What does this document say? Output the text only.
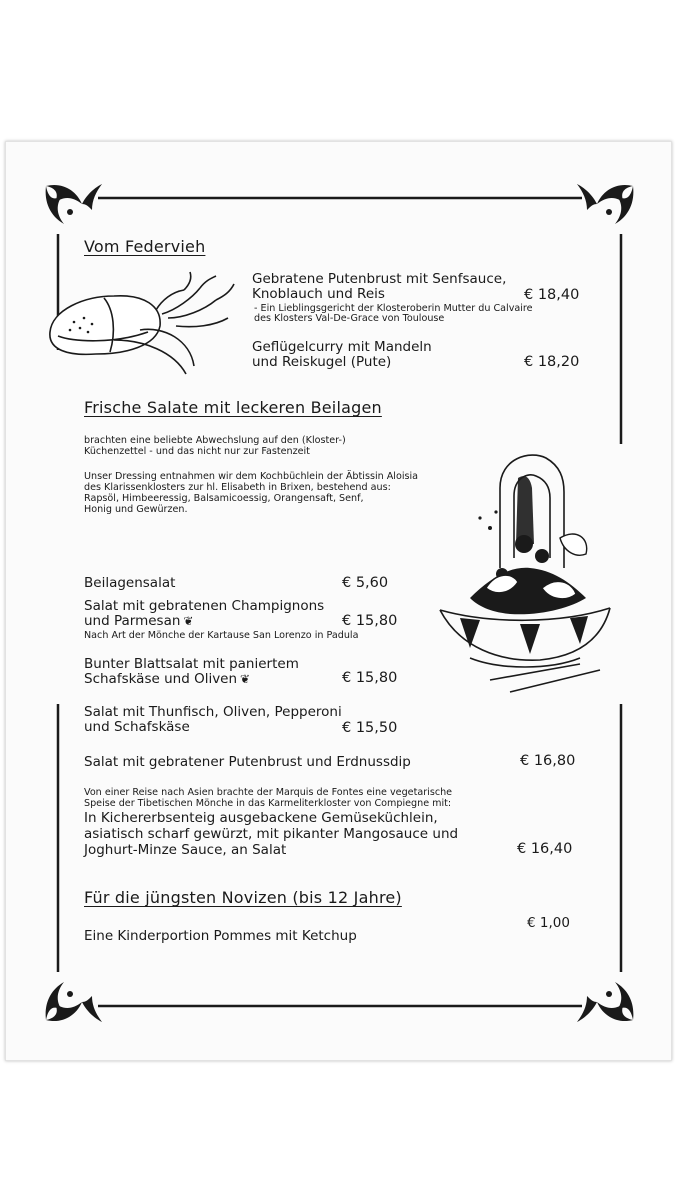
Vom Federvieh
Gebratene Putenbrust mit Senfsauce,
Knoblauch und Reis	€ 18,40
- Ein Lieblingsgericht der Klosteroberin Mutter du Calvaire
des Klosters Val-De-Grace von Toulouse
Geflügelcurry mit Mandeln
und Reiskugel (Pute)	€ 18,20
Frische Salate mit leckeren Beilagen
brachten eine beliebte Abwechslung auf den (Kloster-)
Küchenzettel - und das nicht nur zur Fastenzeit
Unser Dressing entnahmen wir dem Kochbüchlein der Äbtissin Aloisia
des Klarissenklosters zur hl. Elisabeth in Brixen, bestehend aus:
Rapsöl, Himbeeressig, Balsamicoessig, Orangensaft, Senf,
Honig und Gewürzen.
Beilagensalat	€ 5,60
Salat mit gebratenen Champignons
und Parmesan ❦	€ 15,80
Nach Art der Mönche der Kartause San Lorenzo in Padula
Bunter Blattsalat mit paniertem
Schafskäse und Oliven ❦	€ 15,80
Salat mit Thunfisch, Oliven, Pepperoni
und Schafskäse	€ 15,50
Salat mit gebratener Putenbrust und Erdnussdip	€ 16,80
Von einer Reise nach Asien brachte der Marquis de Fontes eine vegetarische
Speise der Tibetischen Mönche in das Karmeliterkloster von Compiegne mit:
In Kichererbsenteig ausgebackene Gemüseküchlein,
asiatisch scharf gewürzt, mit pikanter Mangosauce und
Joghurt-Minze Sauce, an Salat	€ 16,40
Für die jüngsten Novizen (bis 12 Jahre)
€ 1,00
Eine Kinderportion Pommes mit Ketchup
